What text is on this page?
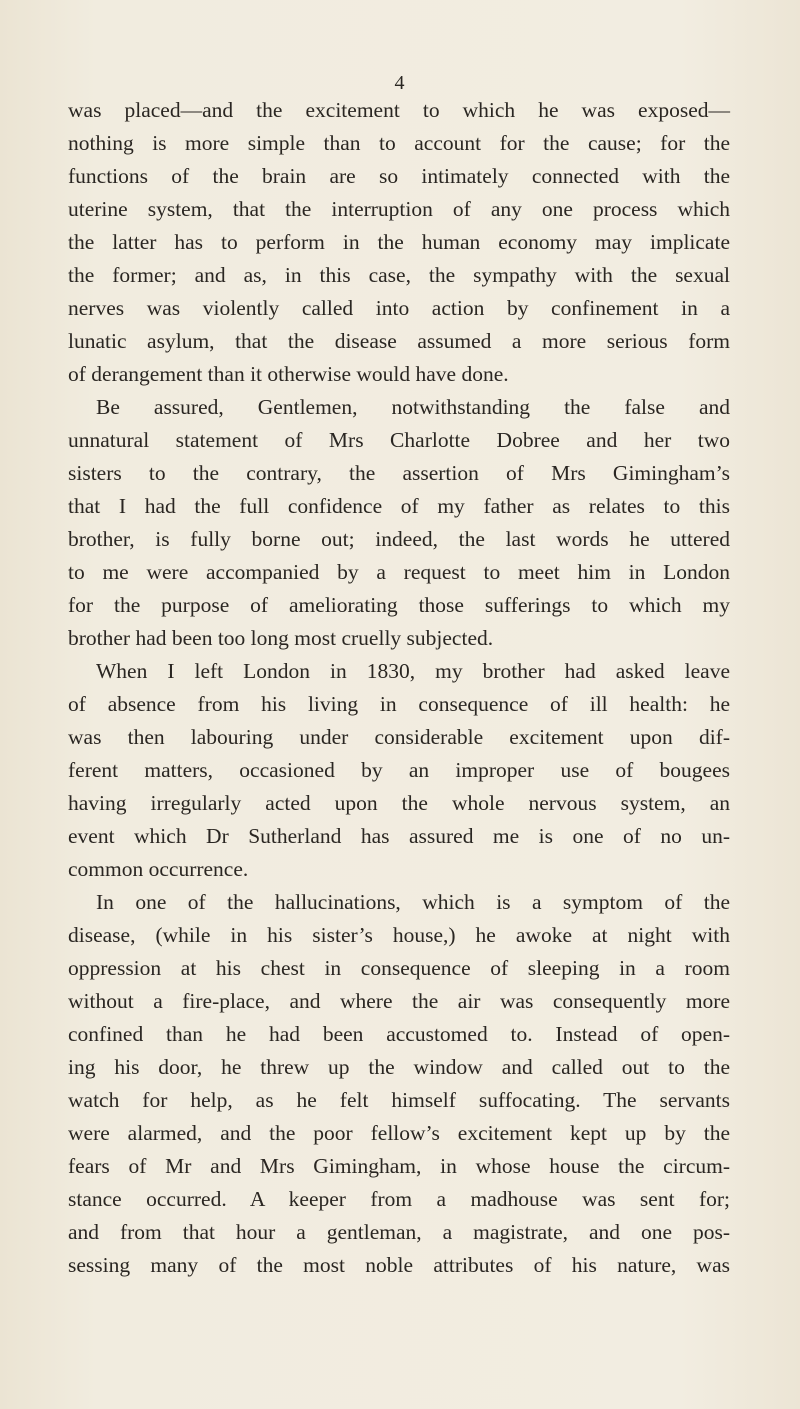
4
was placed—and the excitement to which he was exposed—
nothing is more simple than to account for the cause; for the
functions of the brain are so intimately connected with the
uterine system, that the interruption of any one process which
the latter has to perform in the human economy may implicate
the former; and as, in this case, the sympathy with the sexual
nerves was violently called into action by confinement in a
lunatic asylum, that the disease assumed a more serious form
of derangement than it otherwise would have done.
Be assured, Gentlemen, notwithstanding the false and
unnatural statement of Mrs Charlotte Dobree and her two
sisters to the contrary, the assertion of Mrs Gimingham’s
that I had the full confidence of my father as relates to this
brother, is fully borne out; indeed, the last words he uttered
to me were accompanied by a request to meet him in London
for the purpose of ameliorating those sufferings to which my
brother had been too long most cruelly subjected.
When I left London in 1830, my brother had asked leave
of absence from his living in consequence of ill health: he
was then labouring under considerable excitement upon dif-
ferent matters, occasioned by an improper use of bougees
having irregularly acted upon the whole nervous system, an
event which Dr Sutherland has assured me is one of no un-
common occurrence.
In one of the hallucinations, which is a symptom of the
disease, (while in his sister’s house,) he awoke at night with
oppression at his chest in consequence of sleeping in a room
without a fire-place, and where the air was consequently more
confined than he had been accustomed to. Instead of open-
ing his door, he threw up the window and called out to the
watch for help, as he felt himself suffocating. The servants
were alarmed, and the poor fellow’s excitement kept up by the
fears of Mr and Mrs Gimingham, in whose house the circum-
stance occurred. A keeper from a madhouse was sent for;
and from that hour a gentleman, a magistrate, and one pos-
sessing many of the most noble attributes of his nature, was
